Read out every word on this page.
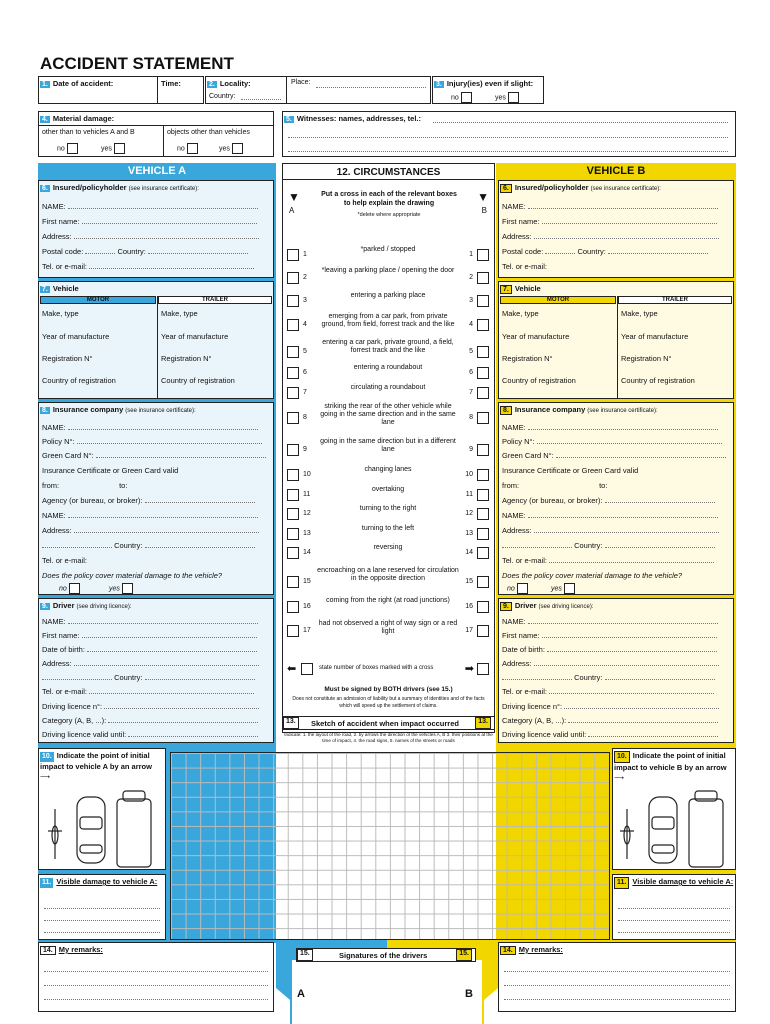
ACCIDENT STATEMENT
1. Date of accident:	Time:	2. Locality:
Country:
Place:	3. Injury(ies) even if slight:
no	yes
4. Material damage:
other than to vehicles A and B	objects other than vehicles
no	yes	no	yes
5. Witnesses: names, addresses, tel.:
VEHICLE A
6. Insured/policyholder (see insurance certificate):
NAME:
First name:
Address:
Postal code:	Country:
Tel. or e-mail:
7. Vehicle
MOTOR	TRAILER
Make, type	Make, type
Year of manufacture	Year of manufacture
Registration N°	Registration N°
Country of registration	Country of registration
8. Insurance company (see insurance certificate):
NAME:
Policy N°:
Green Card N°:
Insurance Certificate or Green Card valid
from:	to:
Agency (or bureau, or broker):
NAME:
Address:
Country:
Tel. or e-mail:
Does the policy cover material damage to the vehicle?
no	yes
9. Driver (see driving licence):
NAME:
First name:
Date of birth:
Address:
Country:
Tel. or e-mail:
Driving licence n°:
Category (A, B, ...):
Driving licence valid until:
12. CIRCUMSTANCES
Put a cross in each of the relevant boxes to help explain the drawing
*delete where appropriate
▼
A
▼
B
1
*parked / stopped
1
2
*leaving a parking place / opening the door
2
3
entering a parking place
3
4
emerging from a car park, from private ground, from field, forrest track and the like	4
5
entering a car park, private ground, a field, forrest track and the like	5
6
entering a roundabout
6
7
circulating a roundabout
7
8
striking the rear of the other vehicle while going in the same direction and in the same lane
8
9
going in the same direction but in a different lane	9
10
changing lanes
10
11
overtaking
11
12
turning to the right
12
13
turning to the left
13
14
reversing
14
15
encroaching on a lane reserved for circulation in the opposite direction	15
16
coming from the right (at road junctions)
16
17
had not observed a right of way sign or a red light	17
⬅	state number of boxes marked with a cross	➡
Must be signed by BOTH drivers (see 15.)
Does not constitute an admission of liability but a summary of identities and of the facts which will speed up the settlement of claims.
13.	Sketch of accident when impact occurred	13.
Indicate: 1. the layout of the road, 2. by arrows the direction of the vehicles A, B 3. their positions at the time of impact, 4. the road signs, 5. names of the streets or roads
VEHICLE B
6. Insured/policyholder (see insurance certificate):
NAME:
First name:
Address:
Postal code:	Country:
Tel. or e-mail:
7. Vehicle
MOTOR	TRAILER
Make, type	Make, type
Year of manufacture	Year of manufacture
Registration N°	Registration N°
Country of registration	Country of registration
8. Insurance company (see insurance certificate):
NAME:
Policy N°:
Green Card N°:
Insurance Certificate or Green Card valid
from:	to:
Agency (or bureau, or broker):
NAME:
Address:
Country:
Tel. or e-mail:
Does the policy cover material damage to the vehicle?
no	yes
9. Driver (see driving licence):
NAME:
First name:
Date of birth:
Address:
Country:
Tel. or e-mail:
Driving licence n°:
Category (A, B, ...):
Driving licence valid until:
10. Indicate the point of initial impact to vehicle A by an arrow ⟶
11. Visible damage to vehicle A:
10. Indicate the point of initial impact to vehicle B by an arrow ⟶
11. Visible damage to vehicle A:
14. My remarks:	14. My remarks:
15.	Signatures of the drivers	15.
A	B
